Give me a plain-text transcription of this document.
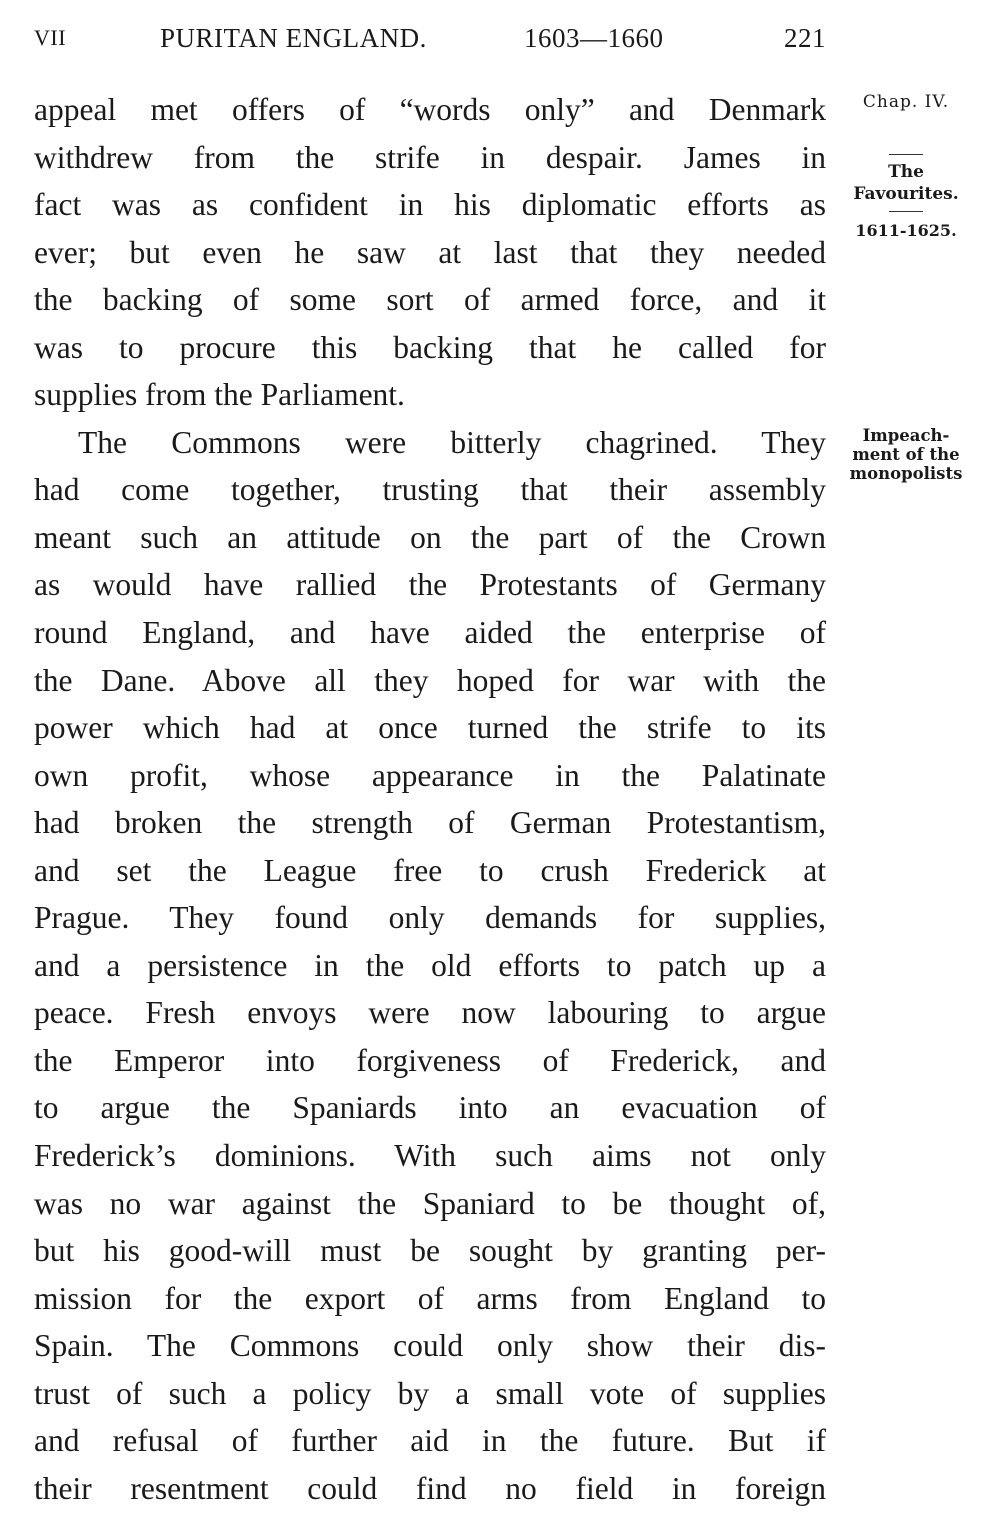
VII	PURITAN ENGLAND.	1603—1660	221
appeal met offers of “words only” and Denmark
withdrew from the strife in despair. James in
fact was as confident in his diplomatic efforts as
ever; but even he saw at last that they needed
the backing of some sort of armed force, and it
was to procure this backing that he called for
supplies from the Parliament.
The Commons were bitterly chagrined. They
had come together, trusting that their assembly
meant such an attitude on the part of the Crown
as would have rallied the Protestants of Germany
round England, and have aided the enterprise of
the Dane. Above all they hoped for war with the
power which had at once turned the strife to its
own profit, whose appearance in the Palatinate
had broken the strength of German Protestantism,
and set the League free to crush Frederick at
Prague. They found only demands for supplies,
and a persistence in the old efforts to patch up a
peace. Fresh envoys were now labouring to argue
the Emperor into forgiveness of Frederick, and
to argue the Spaniards into an evacuation of
Frederick’s dominions. With such aims not only
was no war against the Spaniard to be thought of,
but his good-will must be sought by granting per-
mission for the export of arms from England to
Spain. The Commons could only show their dis-
trust of such a policy by a small vote of supplies
and refusal of further aid in the future. But if
their resentment could find no field in foreign
Chap. IV.
The
Favourites.
1611-1625.
Impeach-
ment of the
monopolists
